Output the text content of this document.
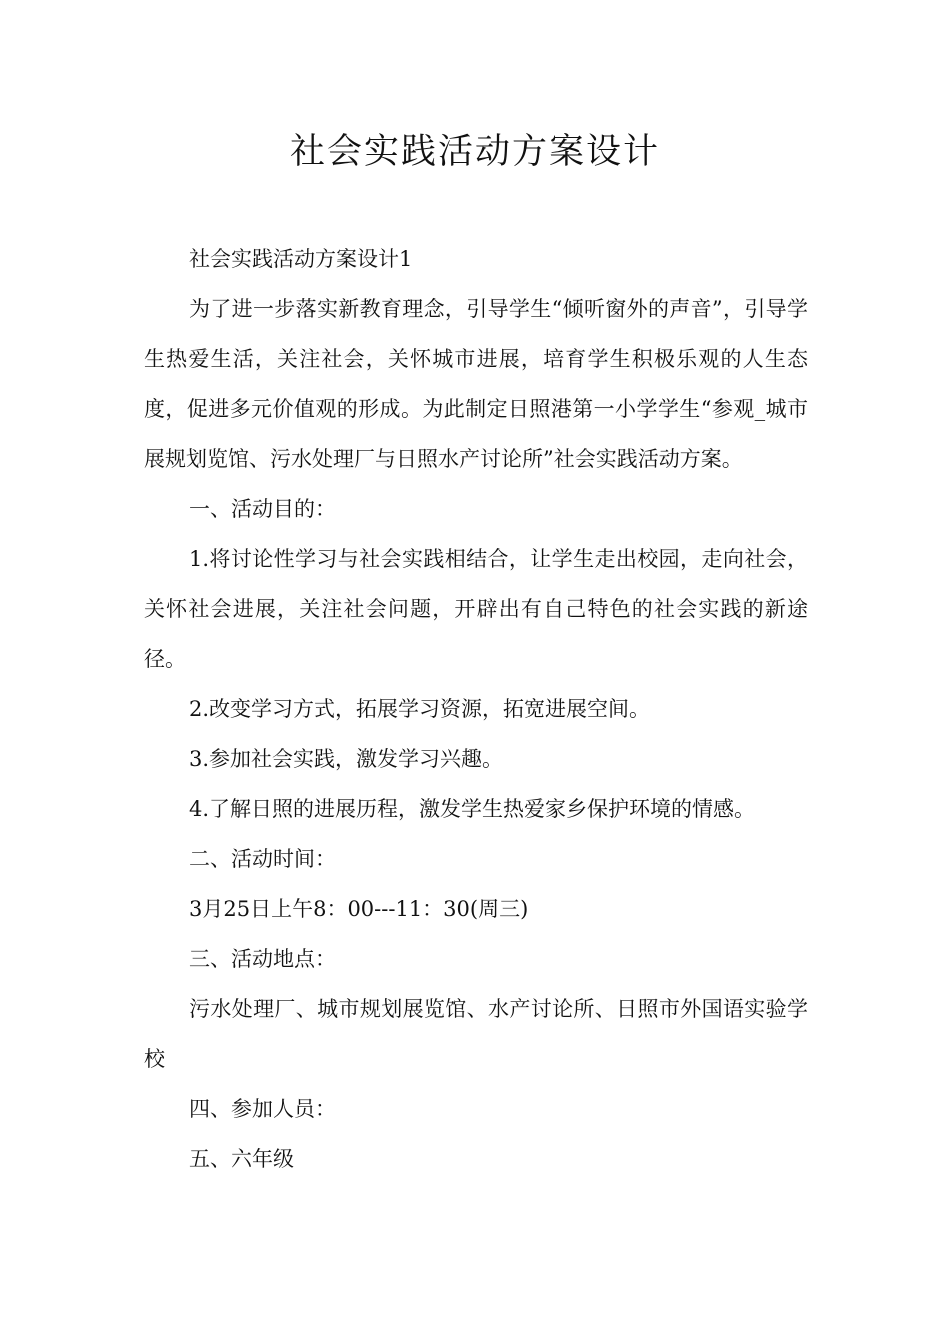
社会实践活动方案设计

社会实践活动方案设计1

为了进一步落实新教育理念，引导学生“倾听窗外的声音”，引导学生热爱生活，关注社会，关怀城市进展，培育学生积极乐观的人生态度，促进多元价值观的形成。为此制定日照港第一小学学生“参观_城市展规划览馆、污水处理厂与日照水产讨论所”社会实践活动方案。

一、活动目的：

1.将讨论性学习与社会实践相结合，让学生走出校园，走向社会，关怀社会进展，关注社会问题，开辟出有自己特色的社会实践的新途径。

2.改变学习方式，拓展学习资源，拓宽进展空间。

3.参加社会实践，激发学习兴趣。

4.了解日照的进展历程，激发学生热爱家乡保护环境的情感。

二、活动时间：

3月25日上午8：00---11：30(周三)

三、活动地点：

污水处理厂、城市规划展览馆、水产讨论所、日照市外国语实验学校

四、参加人员：

五、六年级
